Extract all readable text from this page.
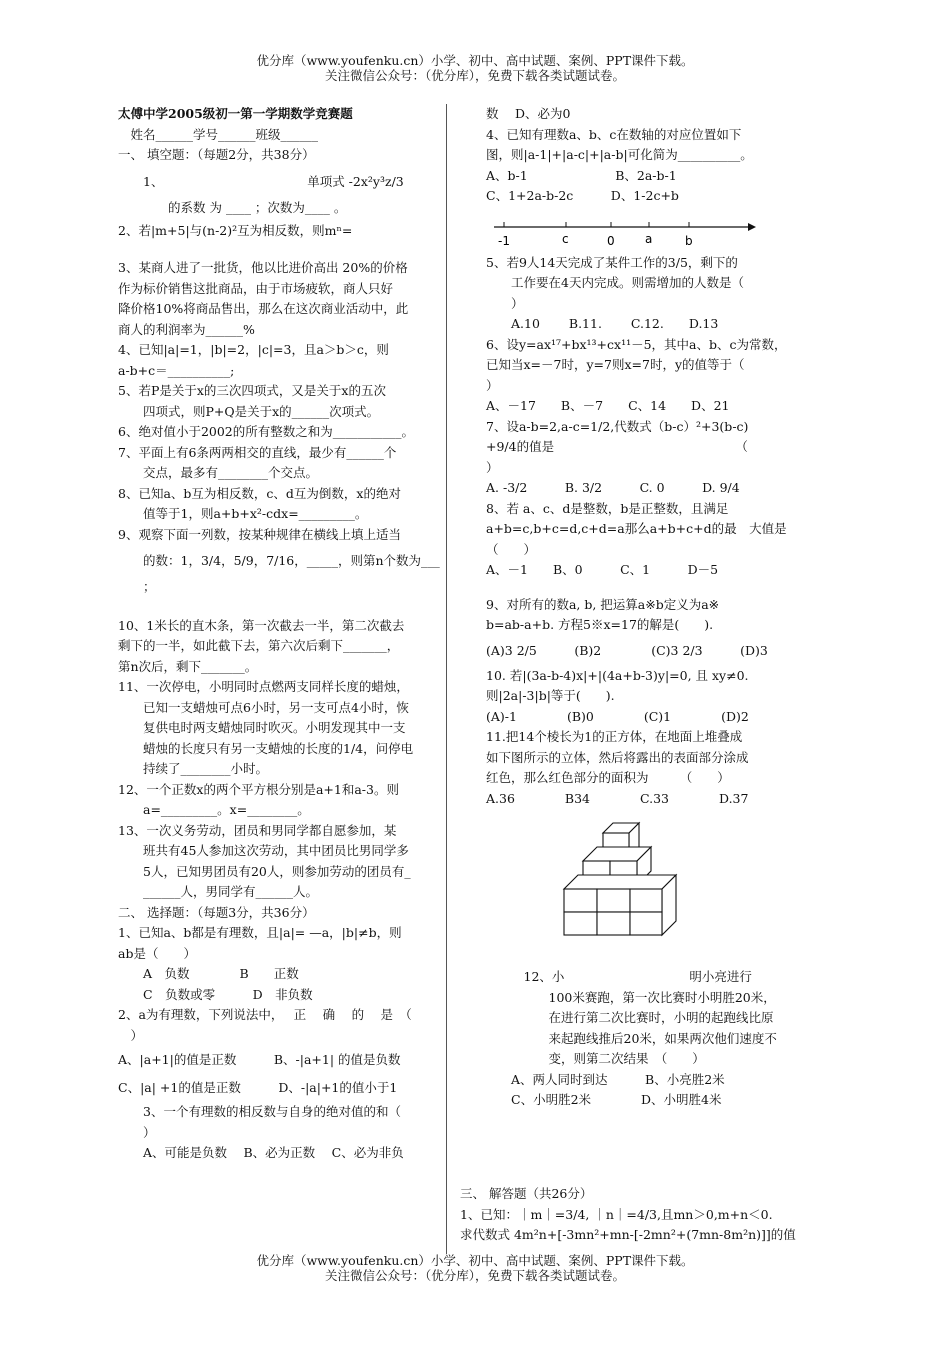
优分库（www.youfenku.cn）小学、初中、高中试题、案例、PPT课件下载。
关注微信公众号：（优分库），免费下载各类试题试卷。
太傅中学2005级初一第一学期数学竞赛题
　姓名______学号______班级______
一、 填空题：（每题2分，共38分）
　　1、　　　　　　　　　　　　单项式 -2x²y³z/3
　　　　的系数 为 ____ ；次数为____ 。
2、若|m+5|与(n-2)²互为相反数，则mⁿ=
3、某商人进了一批货，他以比进价高出 20%的价格
作为标价销售这批商品，由于市场疲软，商人只好
降价格10%将商品售出，那么在这次商业活动中，此
商人的利润率为______%
4、已知|a|=1，|b|=2，|c|=3，且a＞b＞c，则
a-b+c＝__________;
5、若P是关于x的三次四项式，又是关于x的五次
　　四项式，则P+Q是关于x的______次项式。
6、绝对值小于2002的所有整数之和为___________。
7、平面上有6条两两相交的直线，最少有______个
　　交点，最多有________个交点。
8、已知a、b互为相反数，c、d互为倒数，x的绝对
　　值等于1，则a+b+x²-cdx=_________。
9、观察下面一列数，按某种规律在横线上填上适当
　　的数：1，3/4，5/9，7/16，_____，则第n个数为___
　　；
10、1米长的直木条，第一次截去一半，第二次截去
剩下的一半，如此截下去，第六次后剩下_______，
第n次后，剩下_______。
11、一次停电，小明同时点燃两支同样长度的蜡烛，
　　已知一支蜡烛可点6小时，另一支可点4小时，恢
　　复供电时两支蜡烛同时吹灭。小明发现其中一支
　　蜡烛的长度只有另一支蜡烛的长度的1/4，问停电
　　持续了________小时。
12、一个正数x的两个平方根分别是a+1和a-3。则
　　a=_________。x=________。
13、一次义务劳动，团员和男同学都自愿参加，某
　　班共有45人参加这次劳动，其中团员比男同学多
　　5人，已知男团员有20人，则参加劳动的团员有_
　　______人，男同学有______人。
二、 选择题：（每题3分，共36分）
1、已知a、b都是有理数，且|a|= —a，|b|≠b，则
ab是（　　）
　　A　负数　　　　B　　正数
　　C　负数或零　　　D　非负数
2、a为有理数，下列说法中，　 正　 确　 的　 是　（
　）
A、|a+1|的值是正数　　　B、-|a+1| 的值是负数
C、|a| +1的值是正数　　　D、-|a|+1的值小于1
　　3、一个有理数的相反数与自身的绝对值的和（
　　）
　　A、可能是负数　 B、必为正数　 C、必为非负
数　 D、必为0
4、已知有理数a、b、c在数轴的对应位置如下
图，则|a-1|+|a-c|+|a-b|可化简为__________。
A、b-1　　　　　　　B、2a-b-1
C、1+2a-b-2c　　　D、1-2c+b
-1	c	0	a	b
5、若9人14天完成了某件工作的3/5，剩下的
　　工作要在4天内完成。则需增加的人数是（
　　）
　　A.10　　 B.11.　　 C.12.　　D.13
6、设y=ax¹⁷+bx¹³+cx¹¹－5，其中a、b、c为常数，
已知当x=－7时，y=7则x=7时，y的值等于（
）
A、－17　　B、－7　　C、14　　D、21
7、设a-b=2,a-c=1/2,代数式（b-c）²+3(b-c)
+9/4的值是　　　　　　　　　　　　　　　（
）
A. -3/2　　　B. 3/2　　　C. 0　　　D. 9/4
8、若 a、c、d是整数，b是正整数，且满足
a+b=c,b+c=d,c+d=a那么a+b+c+d的最　大值是
（　　）
A、－1　　B、0　　　C、1　　　D－5
9、对所有的数a, b, 把运算a※b定义为a※
b=ab-a+b. 方程5※x=17的解是(　　).
(A)3 2/5　　　(B)2　　　　(C)3 2/3　　　(D)3
10. 若|(3a-b-4)x|+|(4a+b-3)y|=0, 且 xy≠0.
则|2a|-3|b|等于(　　).
(A)-1　　　　(B)0　　　　(C)1　　　　(D)2
11.把14个棱长为1的正方体，在地面上堆叠成
如下图所示的立体，然后将露出的表面部分涂成
红色，那么红色部分的面积为　　　（　　）
A.36　　　　B34　　　　C.33　　　　D.37
　　　12、小　　　　　　　　　　明小亮进行
　　　　　100米赛跑，第一次比赛时小明胜20米，
　　　　　在进行第二次比赛时，小明的起跑线比原
　　　　　来起跑线推后20米，如果两次他们速度不
　　　　　变，则第二次结果　（　　）
　　A、两人同时到达　　　B、小亮胜2米
　　C、小明胜2米　　　　D、小明胜4米
三、 解答题（共26分）
1、已知：｜m｜=3/4, ｜n｜=4/3,且mn＞0,m+n＜0.
求代数式 4m²n+[-3mn²+mn-[-2mn²+(7mn-8m²n)]]的值
优分库（www.youfenku.cn）小学、初中、高中试题、案例、PPT课件下载。
关注微信公众号：（优分库），免费下载各类试题试卷。
